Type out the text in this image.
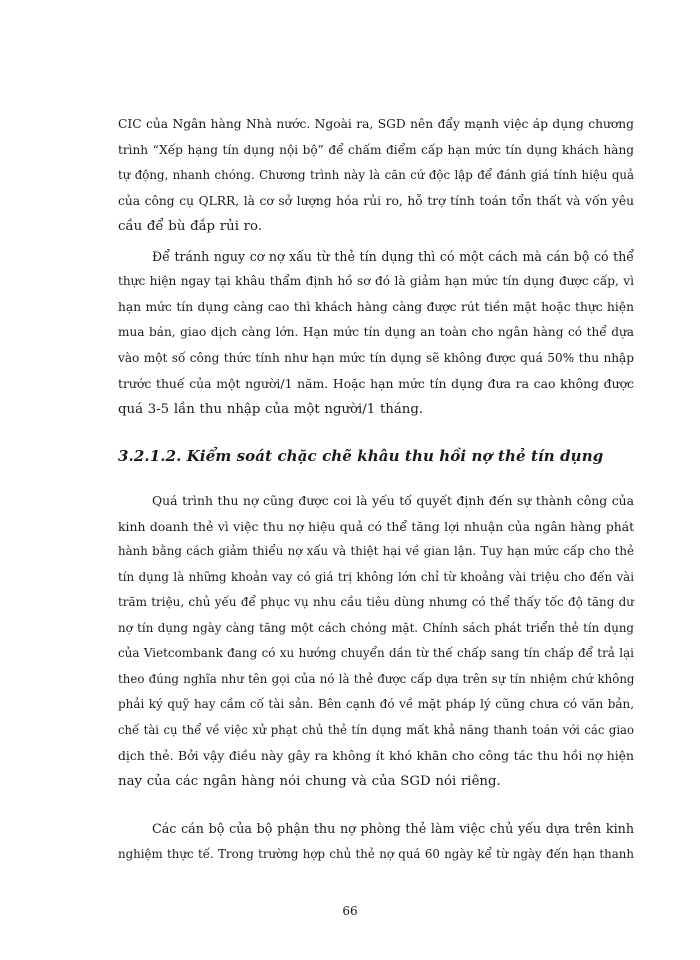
CIC của Ngân hàng Nhà nước. Ngoài ra, SGD nên đẩy mạnh việc áp dụng chương
trình “Xếp hạng tín dụng nội bộ” để chấm điểm cấp hạn mức tín dụng khách hàng
tự động, nhanh chóng. Chương trình này là căn cứ độc lập để đánh giá tính hiệu quả
của công cụ QLRR, là cơ sở lượng hóa rủi ro, hỗ trợ tính toán tổn thất và vốn yêu
cầu để bù đắp rủi ro.

Để tránh nguy cơ nợ xấu từ thẻ tín dụng thì có một cách mà cán bộ có thể
thực hiện ngay tại khâu thẩm định hồ sơ đó là giảm hạn mức tín dụng được cấp, vì
hạn mức tín dụng càng cao thì khách hàng càng được rút tiền mặt hoặc thực hiện
mua bán, giao dịch càng lớn. Hạn mức tín dụng an toàn cho ngân hàng có thể dựa
vào một số công thức tính như hạn mức tín dụng sẽ không được quá 50% thu nhập
trước thuế của một người/1 năm. Hoặc hạn mức tín dụng đưa ra cao không được
quá 3-5 lần thu nhập của một người/1 tháng.

3.2.1.2. Kiểm soát chặc chẽ khâu thu hồi nợ thẻ tín dụng

Quá trình thu nợ cũng được coi là yếu tố quyết định đến sự thành công của
kinh doanh thẻ vì việc thu nợ hiệu quả có thể tăng lợi nhuận của ngân hàng phát
hành bằng cách giảm thiểu nợ xấu và thiệt hại về gian lận. Tuy hạn mức cấp cho thẻ
tín dụng là những khoản vay có giá trị không lớn chỉ từ khoảng vài triệu cho đến vài
trăm triệu, chủ yếu để phục vụ nhu cầu tiêu dùng nhưng có thể thấy tốc độ tăng dư
nợ tín dụng ngày càng tăng một cách chóng mặt. Chính sách phát triển thẻ tín dụng
của Vietcombank đang có xu hướng chuyển dần từ thế chấp sang tín chấp để trả lại
theo đúng nghĩa như tên gọi của nó là thẻ được cấp dựa trên sự tín nhiệm chứ không
phải ký quỹ hay cầm cố tài sản. Bên cạnh đó về mặt pháp lý cũng chưa có văn bản,
chế tài cụ thể về việc xử phạt chủ thẻ tín dụng mất khả năng thanh toán với các giao
dịch thẻ. Bởi vậy điều này gây ra không ít khó khăn cho công tác thu hồi nợ hiện
nay của các ngân hàng nói chung và của SGD nói riêng.

Các cán bộ của bộ phận thu nợ phòng thẻ làm việc chủ yếu dựa trên kinh
nghiệm thực tế. Trong trường hợp chủ thẻ nợ quá 60 ngày kể từ ngày đến hạn thanh

66
